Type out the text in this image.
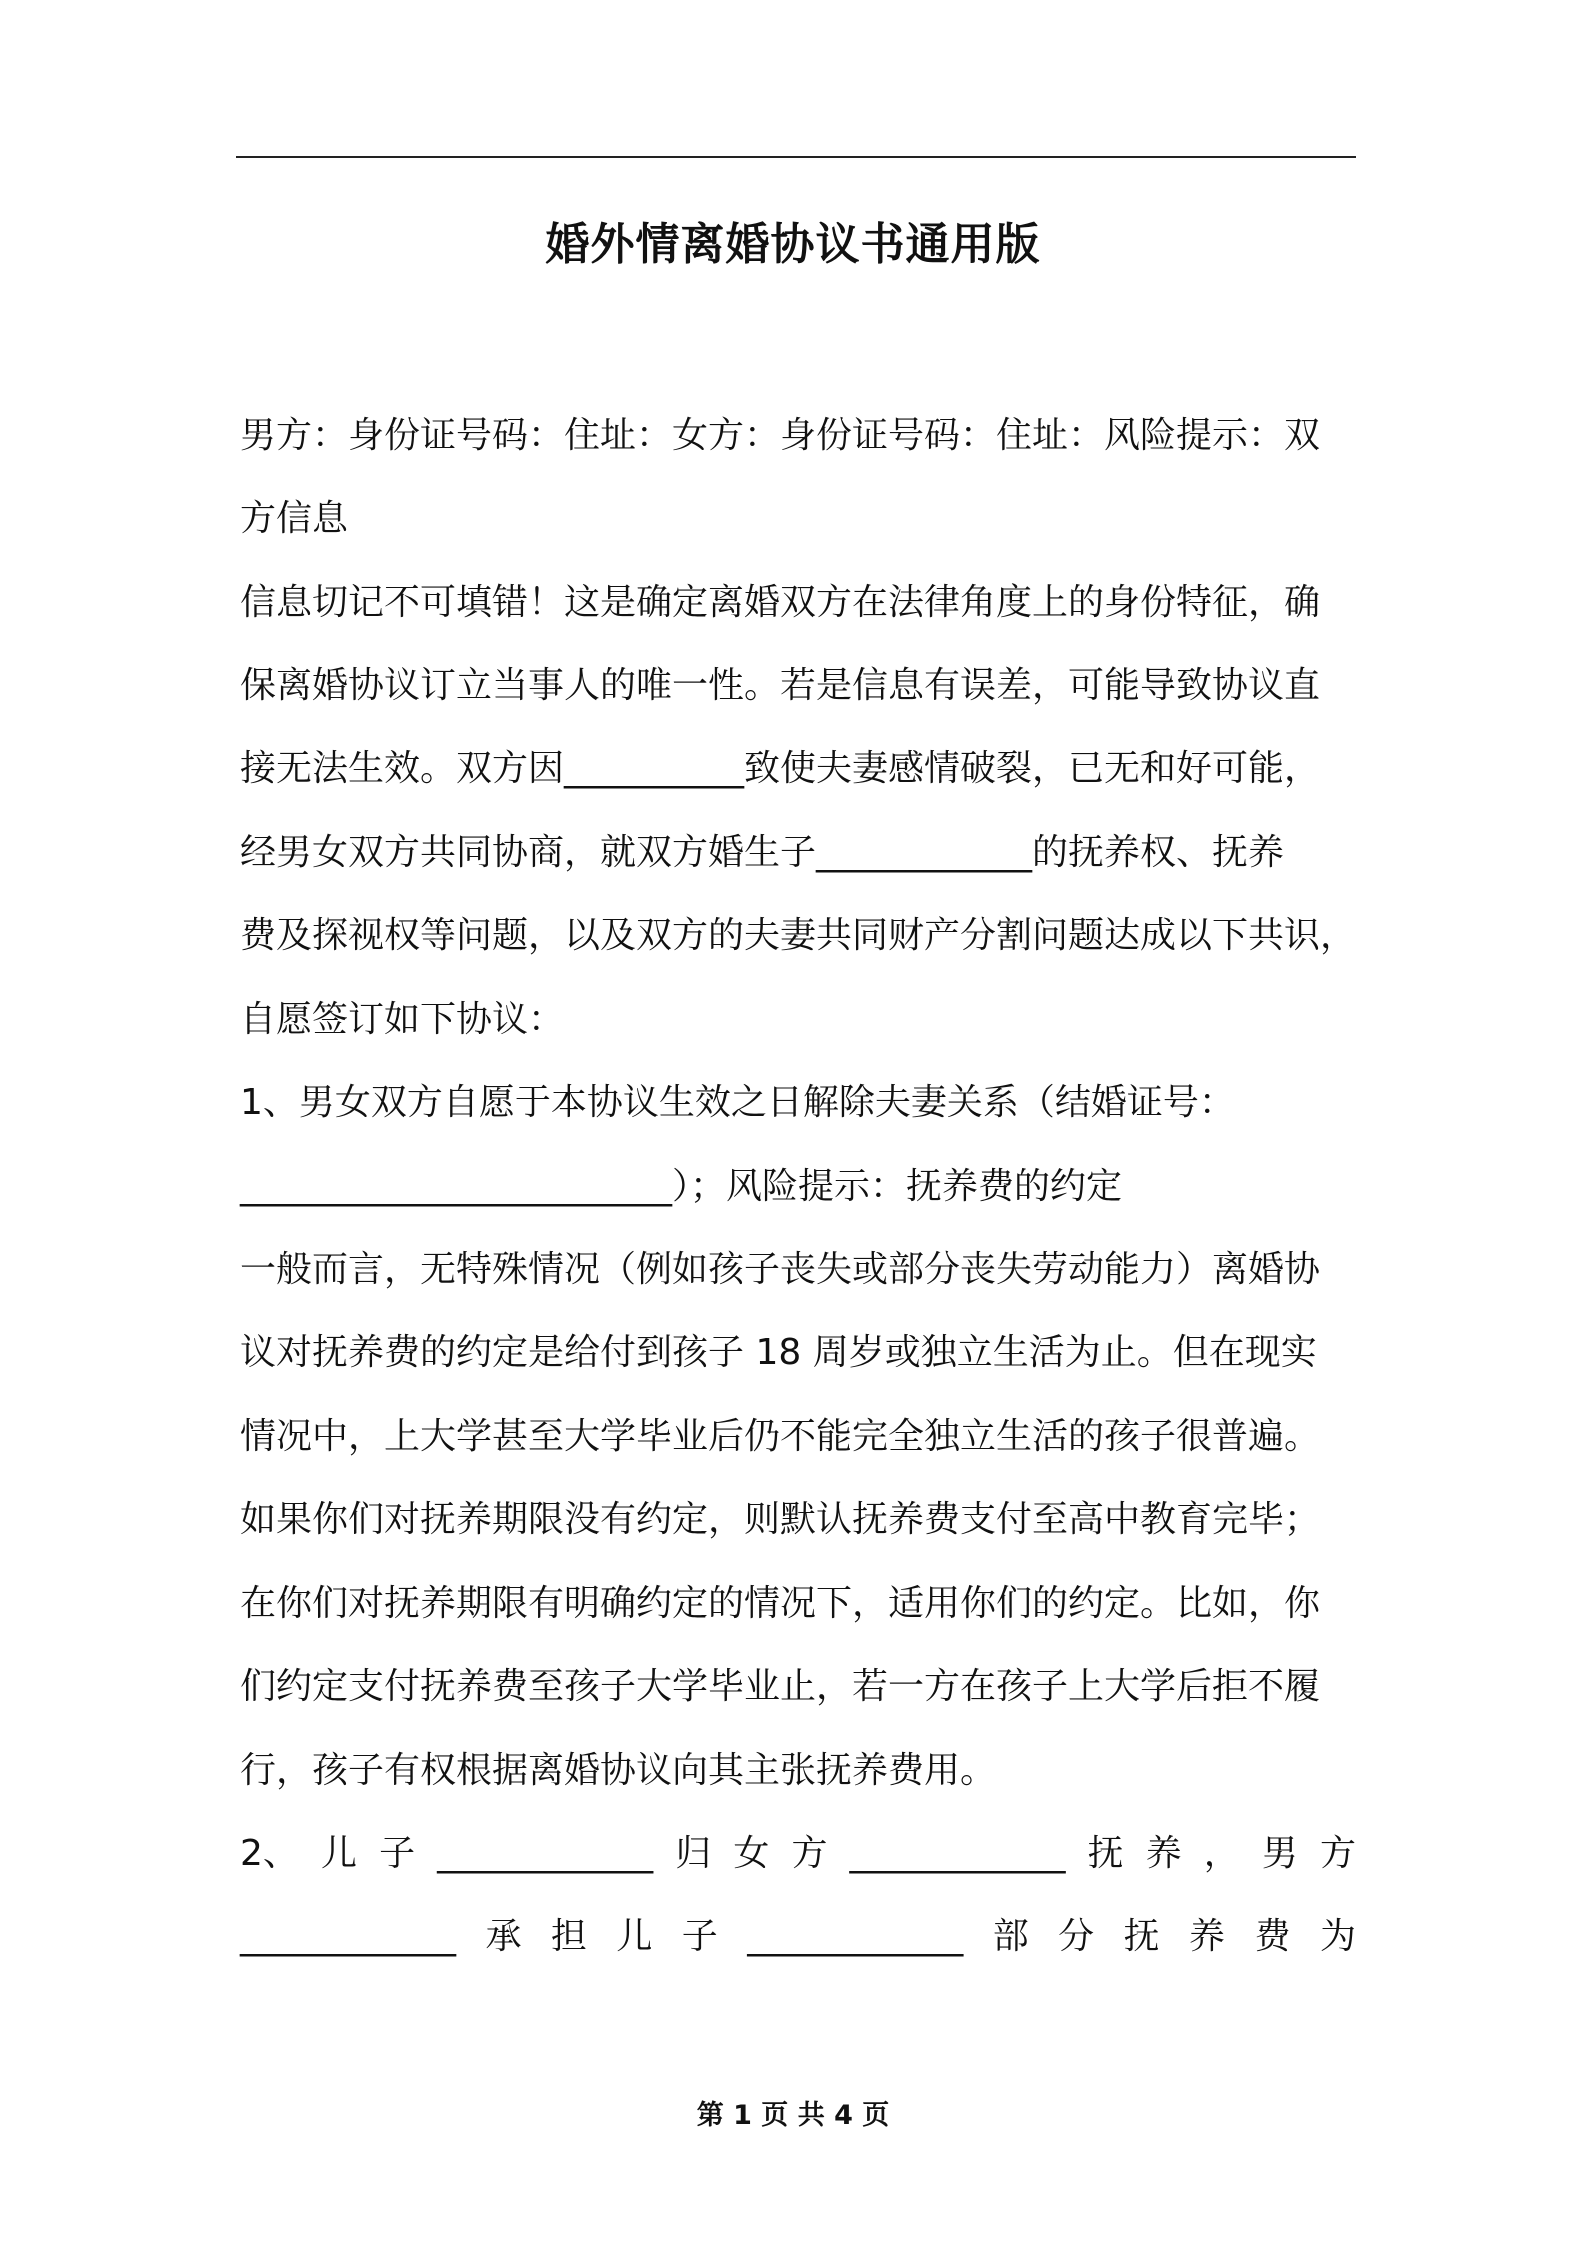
婚外情离婚协议书通用版
男方：身份证号码：住址：女方：身份证号码：住址：风险提示：双
方信息
信息切记不可填错！这是确定离婚双方在法律角度上的身份特征，确
保离婚协议订立当事人的唯一性。若是信息有误差，可能导致协议直
接无法生效。双方因__________致使夫妻感情破裂，已无和好可能，
经男女双方共同协商，就双方婚生子____________的抚养权、抚养
费及探视权等问题，以及双方的夫妻共同财产分割问题达成以下共识，
自愿签订如下协议：
1、男女双方自愿于本协议生效之日解除夫妻关系（结婚证号：
________________________）；风险提示：抚养费的约定
一般而言，无特殊情况（例如孩子丧失或部分丧失劳动能力）离婚协
议对抚养费的约定是给付到孩子 18 周岁或独立生活为止。但在现实
情况中，上大学甚至大学毕业后仍不能完全独立生活的孩子很普遍。
如果你们对抚养期限没有约定，则默认抚养费支付至高中教育完毕；
在你们对抚养期限有明确约定的情况下，适用你们的约定。比如，你
们约定支付抚养费至孩子大学毕业止，若一方在孩子上大学后拒不履
行，孩子有权根据离婚协议向其主张抚养费用。
2、 儿 子 ____________ 归 女 方 ____________ 抚 养 ， 男 方
____________ 承 担 儿 子 ____________ 部 分 抚 养 费 为
第 1 页 共 4 页
